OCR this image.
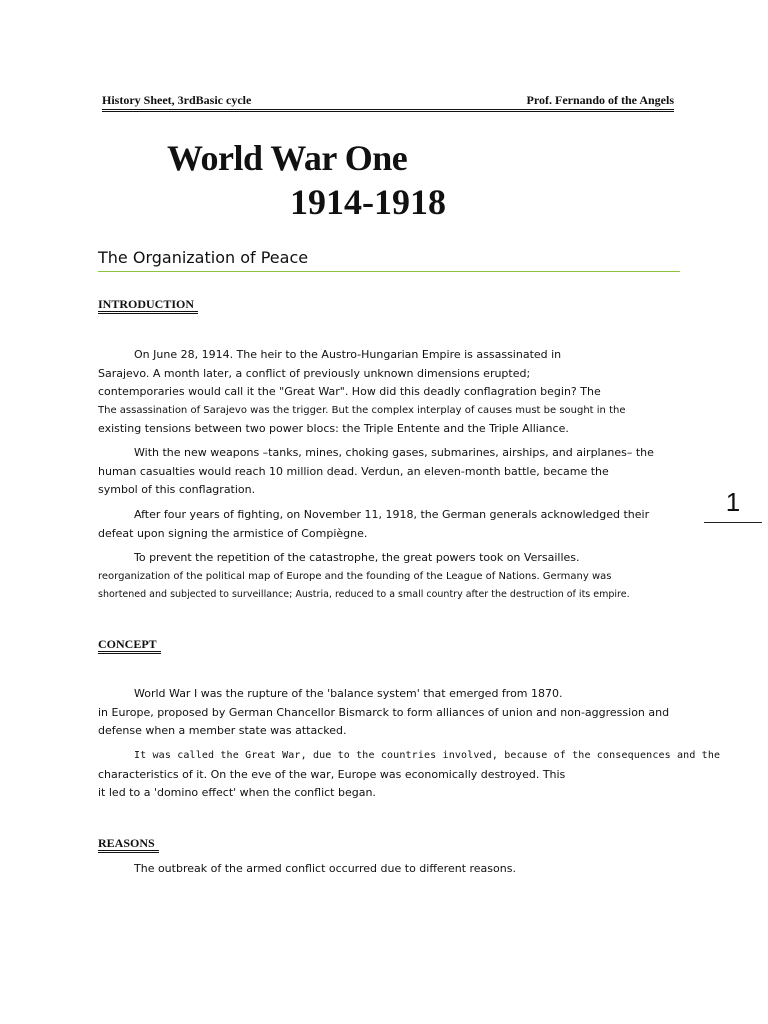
History Sheet, 3rdBasic cycle	Prof. Fernando of the Angels
World War One
1914-1918
The Organization of Peace
INTRODUCTION
On June 28, 1914. The heir to the Austro-Hungarian Empire is assassinated in
Sarajevo. A month later, a conflict of previously unknown dimensions erupted;
contemporaries would call it the "Great War". How did this deadly conflagration begin? The
The assassination of Sarajevo was the trigger. But the complex interplay of causes must be sought in the
existing tensions between two power blocs: the Triple Entente and the Triple Alliance.
With the new weapons –tanks, mines, choking gases, submarines, airships, and airplanes– the
human casualties would reach 10 million dead. Verdun, an eleven-month battle, became the
symbol of this conflagration.
After four years of fighting, on November 11, 1918, the German generals acknowledged their
defeat upon signing the armistice of Compiègne.
To prevent the repetition of the catastrophe, the great powers took on Versailles.
reorganization of the political map of Europe and the founding of the League of Nations. Germany was
shortened and subjected to surveillance; Austria, reduced to a small country after the destruction of its empire.
CONCEPT
World War I was the rupture of the 'balance system' that emerged from 1870.
in Europe, proposed by German Chancellor Bismarck to form alliances of union and non-aggression and
defense when a member state was attacked.
It was called the Great War, due to the countries involved, because of the consequences and the
characteristics of it. On the eve of the war, Europe was economically destroyed. This
it led to a 'domino effect' when the conflict began.
REASONS
The outbreak of the armed conflict occurred due to different reasons.
1
